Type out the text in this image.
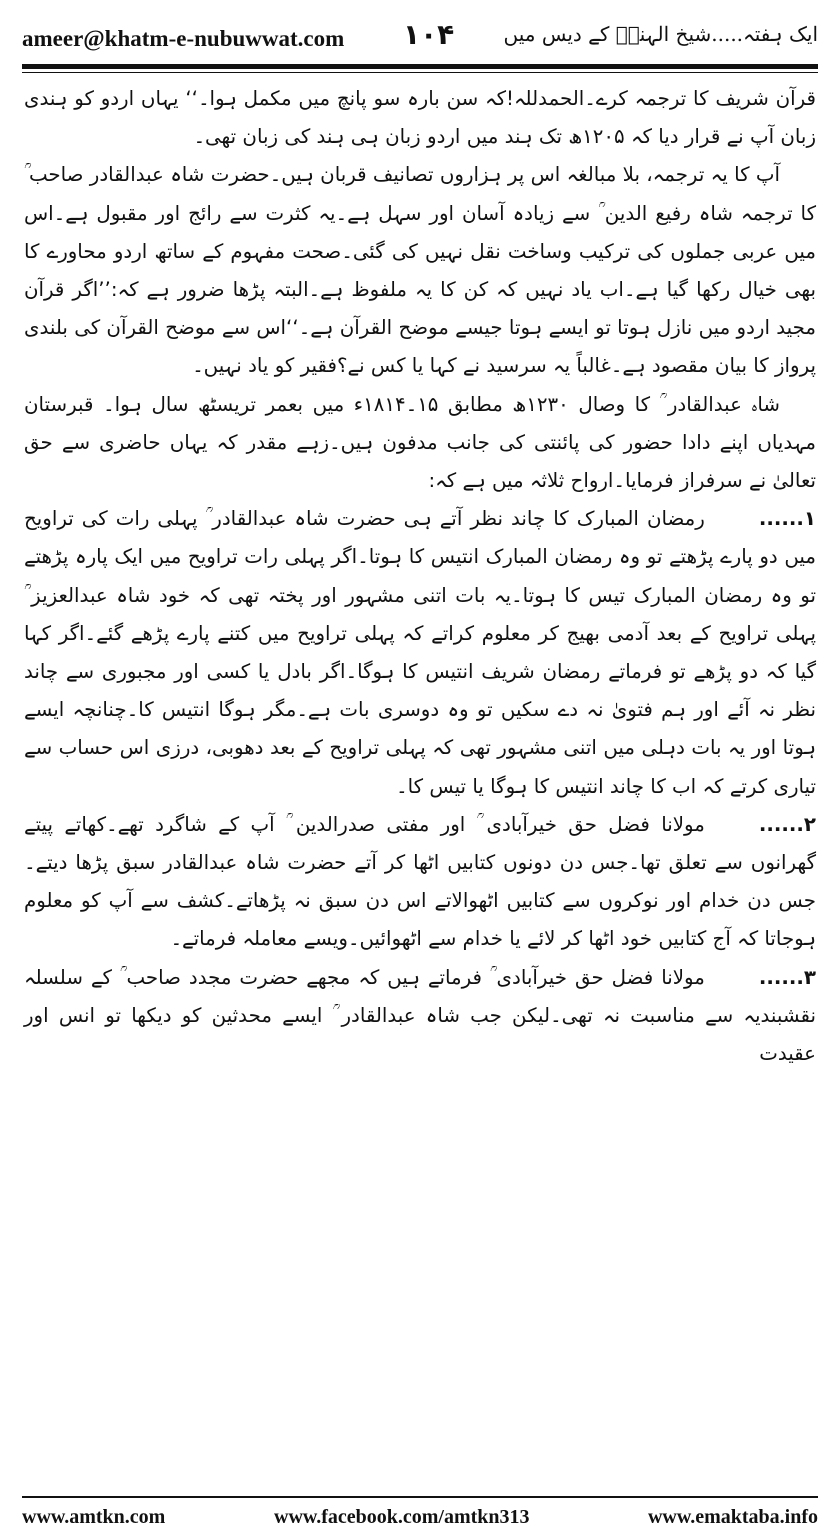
ameer@khatm-e-nubuwwat.com ۱۰۴ ایک ہفتہ.....شیخ الہندؒ کے دیس میں

قرآن شریف کا ترجمہ کرے۔الحمدللہ!کہ سن بارہ سو پانچ میں مکمل ہوا۔‘‘ یہاں اردو کو ہندی زبان آپ نے قرار دیا کہ ۱۲۰۵ھ تک ہند میں اردو زبان ہی ہند کی زبان تھی۔

آپ کا یہ ترجمہ، بلا مبالغہ اس پر ہزاروں تصانیف قربان ہیں۔حضرت شاہ عبدالقادر صاحب ؒ کا ترجمہ شاہ رفیع الدین ؒ سے زیادہ آسان اور سہل ہے۔یہ کثرت سے رائج اور مقبول ہے۔اس میں عربی جملوں کی ترکیب وساخت نقل نہیں کی گئی۔صحت مفہوم کے ساتھ اردو محاورے کا بھی خیال رکھا گیا ہے۔اب یاد نہیں کہ کن کا یہ ملفوظ ہے۔البتہ پڑھا ضرور ہے کہ:’’اگر قرآن مجید اردو میں نازل ہوتا تو ایسے ہوتا جیسے موضح القرآن ہے۔‘‘اس سے موضح القرآن کی بلندی پرواز کا بیان مقصود ہے۔غالباً یہ سرسید نے کہا یا کس نے؟فقیر کو یاد نہیں۔

شاہ عبدالقادر ؒ کا وصال ۱۲۳۰ھ مطابق ۱۵۔۱۸۱۴ء میں بعمر تریسٹھ سال ہوا۔ قبرستان مہدیاں اپنے دادا حضور کی پائنتی کی جانب مدفون ہیں۔زہے مقدر کہ یہاں حاضری سے حق تعالیٰ نے سرفراز فرمایا۔ارواح ثلاثہ میں ہے کہ:

۱......رمضان المبارک کا چاند نظر آتے ہی حضرت شاہ عبدالقادر ؒ پہلی رات کی تراویح میں دو پارے پڑھتے تو وہ رمضان المبارک انتیس کا ہوتا۔اگر پہلی رات تراویح میں ایک پارہ پڑھتے تو وہ رمضان المبارک تیس کا ہوتا۔یہ بات اتنی مشہور اور پختہ تھی کہ خود شاہ عبدالعزیز ؒ پہلی تراویح کے بعد آدمی بھیج کر معلوم کراتے کہ پہلی تراویح میں کتنے پارے پڑھے گئے۔اگر کہا گیا کہ دو پڑھے تو فرماتے رمضان شریف انتیس کا ہوگا۔اگر بادل یا کسی اور مجبوری سے چاند نظر نہ آئے اور ہم فتویٰ نہ دے سکیں تو وہ دوسری بات ہے۔مگر ہوگا انتیس کا۔چنانچہ ایسے ہوتا اور یہ بات دہلی میں اتنی مشہور تھی کہ پہلی تراویح کے بعد دھوبی، درزی اس حساب سے تیاری کرتے کہ اب کا چاند انتیس کا ہوگا یا تیس کا۔

۲......مولانا فضل حق خیرآبادی ؒ اور مفتی صدرالدین ؒ آپ کے شاگرد تھے۔کھاتے پیتے گھرانوں سے تعلق تھا۔جس دن دونوں کتابیں اٹھا کر آتے حضرت شاہ عبدالقادر سبق پڑھا دیتے۔جس دن خدام اور نوکروں سے کتابیں اٹھوالاتے اس دن سبق نہ پڑھاتے۔کشف سے آپ کو معلوم ہوجاتا کہ آج کتابیں خود اٹھا کر لائے یا خدام سے اٹھوائیں۔ویسے معاملہ فرماتے۔

۳......مولانا فضل حق خیرآبادی ؒ فرماتے ہیں کہ مجھے حضرت مجدد صاحب ؒ کے سلسلہ نقشبندیہ سے مناسبت نہ تھی۔لیکن جب شاہ عبدالقادر ؒ ایسے محدثین کو دیکھا تو انس اور عقیدت

www.amtkn.com	www.facebook.com/amtkn313	www.emaktaba.info
